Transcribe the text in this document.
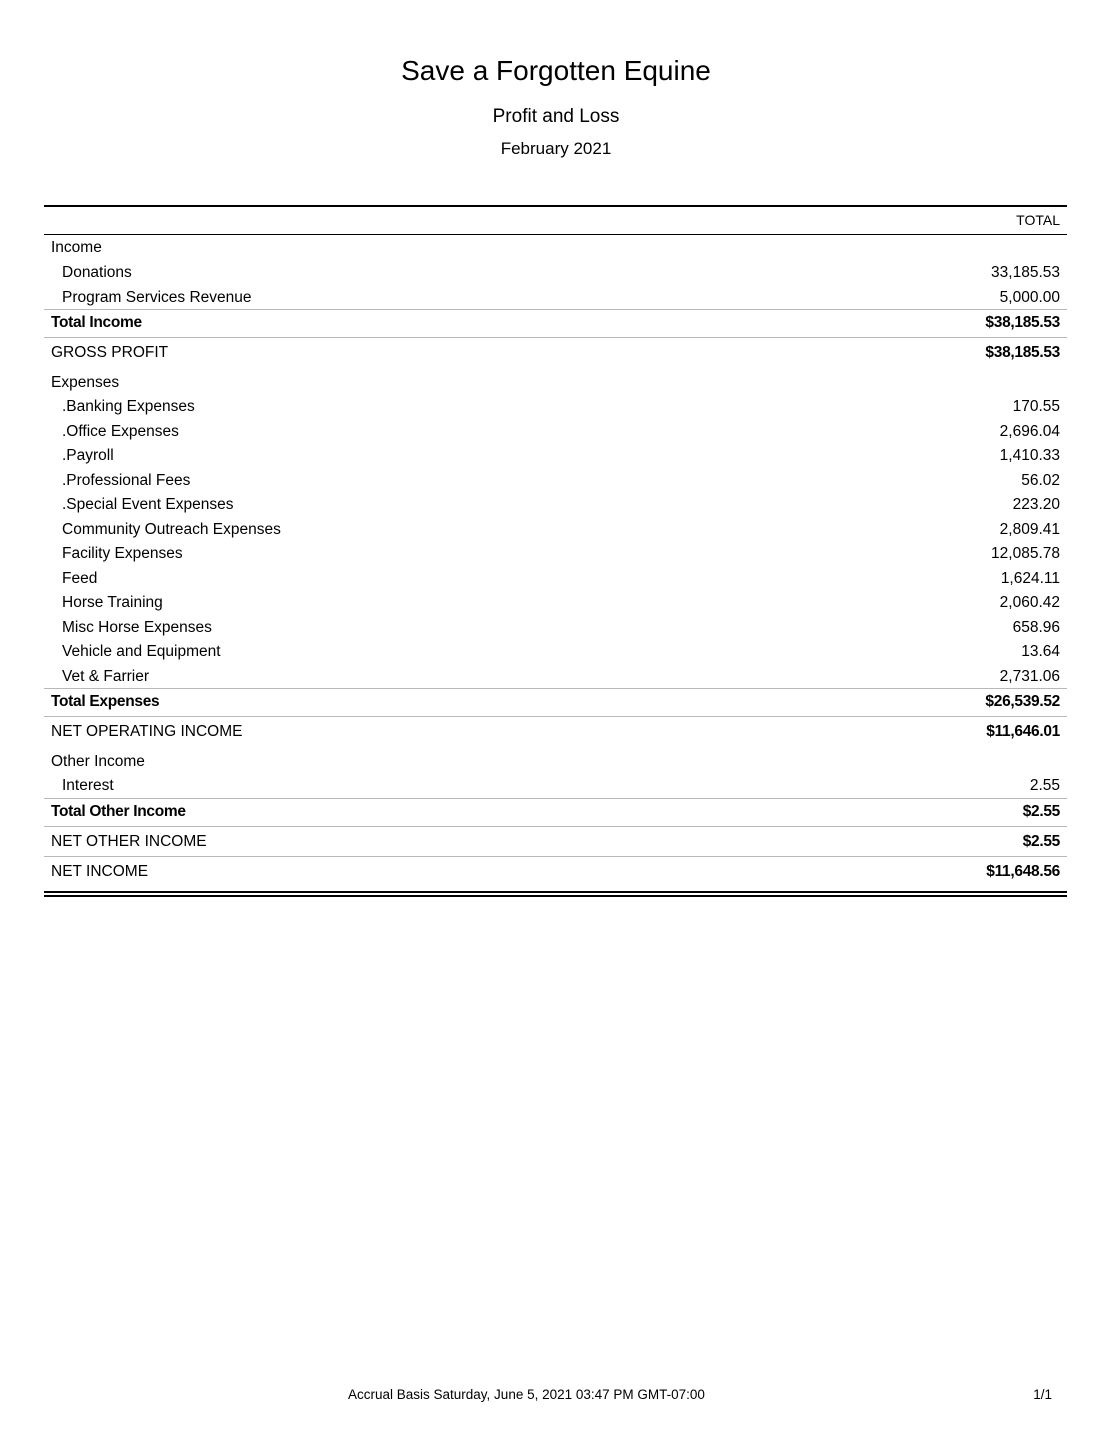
Save a Forgotten Equine
Profit and Loss
February 2021
TOTAL
Income
Donations	33,185.53
Program Services Revenue	5,000.00
Total Income	$38,185.53
GROSS PROFIT	$38,185.53
Expenses
.Banking Expenses	170.55
.Office Expenses	2,696.04
.Payroll	1,410.33
.Professional Fees	56.02
.Special Event Expenses	223.20
Community Outreach Expenses	2,809.41
Facility Expenses	12,085.78
Feed	1,624.11
Horse Training	2,060.42
Misc Horse Expenses	658.96
Vehicle and Equipment	13.64
Vet & Farrier	2,731.06
Total Expenses	$26,539.52
NET OPERATING INCOME	$11,646.01
Other Income
Interest	2.55
Total Other Income	$2.55
NET OTHER INCOME	$2.55
NET INCOME	$11,648.56
Accrual Basis Saturday, June 5, 2021 03:47 PM GMT-07:00	1/1
